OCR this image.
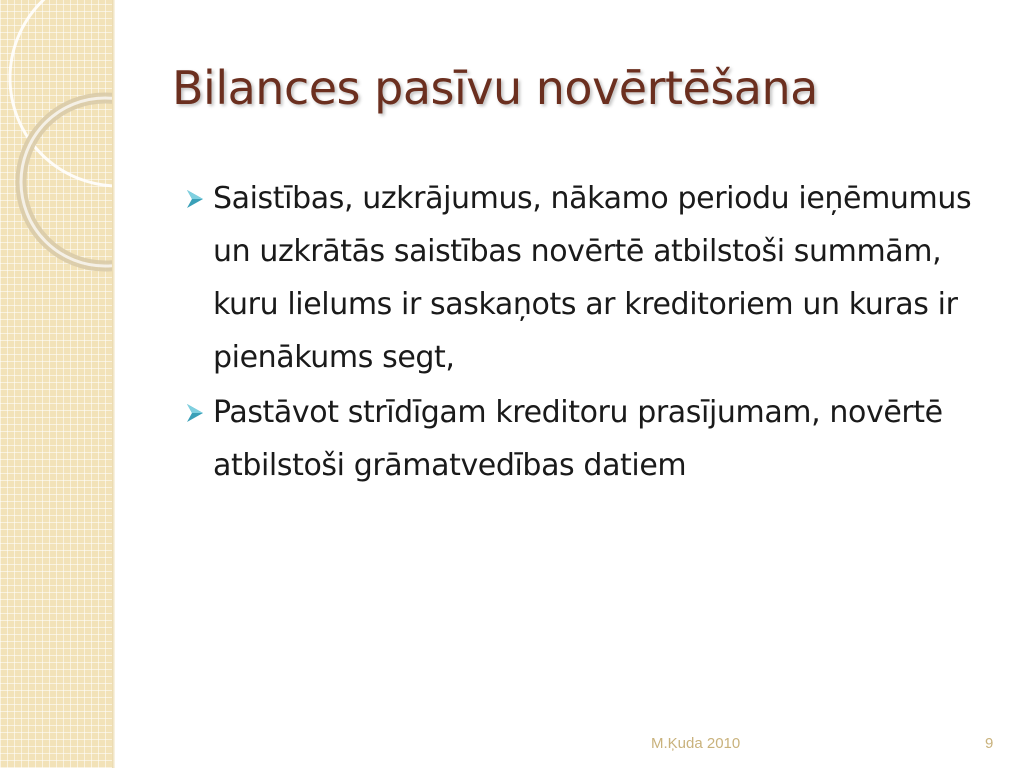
Bilances pasīvu novērtēšana
Saistības, uzkrājumus, nākamo periodu ieņēmumus un uzkrātās saistības novērtē atbilstoši summām, kuru lielums ir saskaņots ar kreditoriem un kuras ir pienākums segt,
Pastāvot strīdīgam kreditoru prasījumam, novērtē atbilstoši grāmatvedības datiem
M.Ķuda 2010	9
